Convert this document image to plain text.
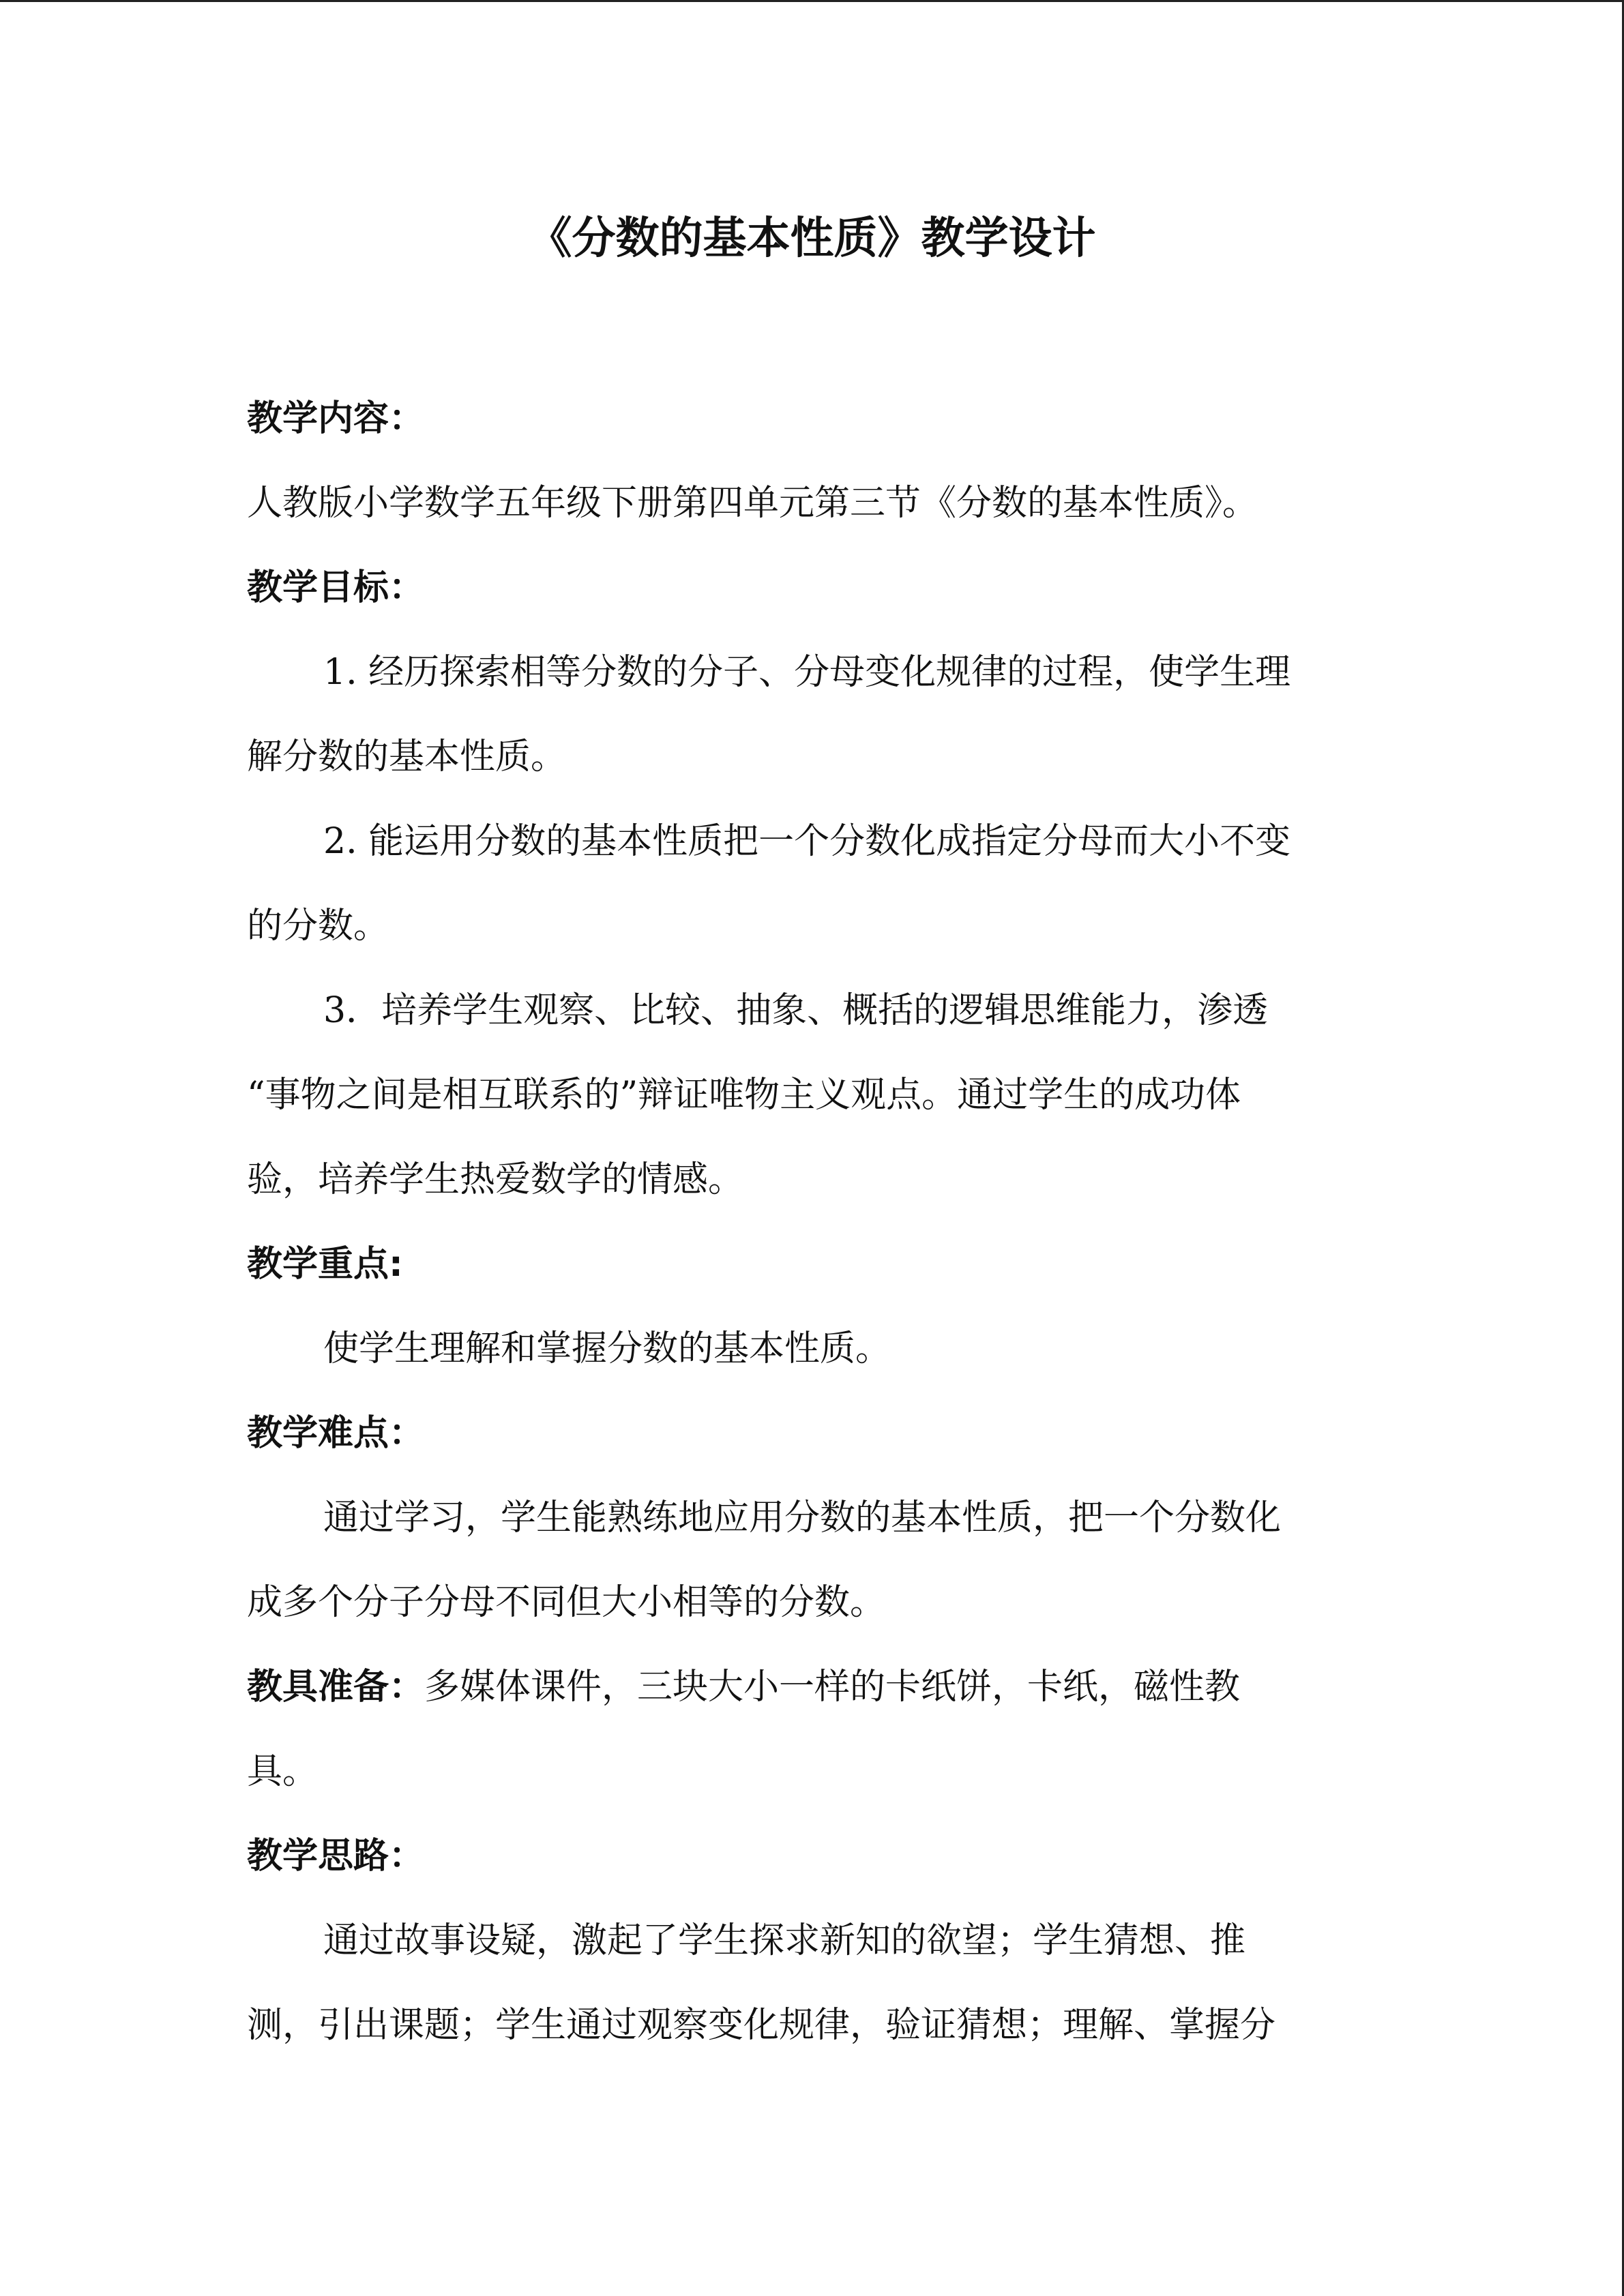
《分数的基本性质》教学设计
教学内容：
人教版小学数学五年级下册第四单元第三节《分数的基本性质》。
教学目标：
1. 经历探索相等分数的分子、分母变化规律的过程，使学生理
解分数的基本性质。
2. 能运用分数的基本性质把一个分数化成指定分母而大小不变
的分数。
3．培养学生观察、比较、抽象、概括的逻辑思维能力，渗透
“事物之间是相互联系的”辩证唯物主义观点。通过学生的成功体
验，培养学生热爱数学的情感。
教学重点:
使学生理解和掌握分数的基本性质。
教学难点：
通过学习，学生能熟练地应用分数的基本性质，把一个分数化
成多个分子分母不同但大小相等的分数。
教具准备：多媒体课件，三块大小一样的卡纸饼，卡纸，磁性教
具。
教学思路：
通过故事设疑，激起了学生探求新知的欲望；学生猜想、推
测，引出课题；学生通过观察变化规律，验证猜想；理解、掌握分
